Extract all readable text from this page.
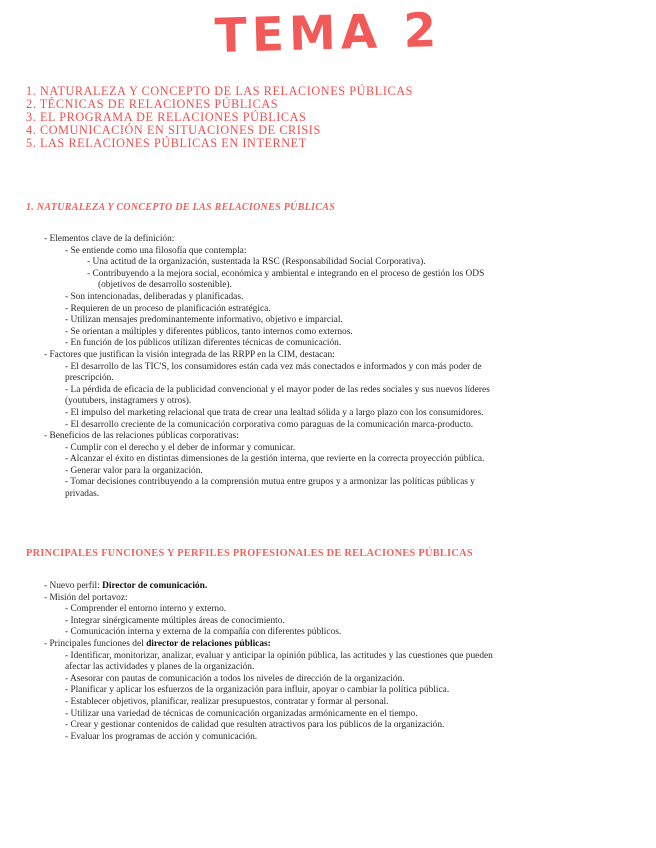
TEMA 2
1. NATURALEZA Y CONCEPTO DE LAS RELACIONES PÚBLICAS
2. TÉCNICAS DE RELACIONES PÚBLICAS
3. EL PROGRAMA DE RELACIONES PÚBLICAS
4. COMUNICACIÓN EN SITUACIONES DE CRISIS
5. LAS RELACIONES PÚBLICAS EN INTERNET
1. NATURALEZA Y CONCEPTO DE LAS RELACIONES PÚBLICAS
- Elementos clave de la definición:
- Se entiende como una filosofía que contempla:
- Una actitud de la organización, sustentada la RSC (Responsabilidad Social Corporativa).
- Contribuyendo a la mejora social, económica y ambiental e integrando en el proceso de gestión los ODS
(objetivos de desarrollo sostenible).
- Son intencionadas, deliberadas y planificadas.
- Requieren de un proceso de planificación estratégica.
- Utilizan mensajes predominantemente informativo, objetivo e imparcial.
- Se orientan a múltiples y diferentes públicos, tanto internos como externos.
- En función de los públicos utilizan diferentes técnicas de comunicación.
- Factores que justifican la visión integrada de las RRPP en la CIM, destacan:
- El desarrollo de las TIC'S, los consumidores están cada vez más conectados e informados y con más poder de
prescripción.
- La pérdida de eficacia de la publicidad convencional y el mayor poder de las redes sociales y sus nuevos líderes
(youtubers, instagramers y otros).
- El impulso del marketing relacional que trata de crear una lealtad sólida y a largo plazo con los consumidores.
- El desarrollo creciente de la comunicación corporativa como paraguas de la comunicación marca-producto.
- Beneficios de las relaciones públicas corporativas:
- Cumplir con el derecho y el deber de informar y comunicar.
- Alcanzar el éxito en distintas dimensiones de la gestión interna, que revierte en la correcta proyección pública.
- Generar valor para la organización.
- Tomar decisiones contribuyendo a la comprensión mutua entre grupos y a armonizar las políticas públicas y
privadas.
PRINCIPALES FUNCIONES Y PERFILES PROFESIONALES DE RELACIONES PÚBLICAS
- Nuevo perfil: Director de comunicación.
- Misión del portavoz:
- Comprender el entorno interno y externo.
- Integrar sinérgicamente múltiples áreas de conocimiento.
- Comunicación interna y externa de la compañía con diferentes públicos.
- Principales funciones del director de relaciones públicas:
- Identificar, monitorizar, analizar, evaluar y anticipar la opinión pública, las actitudes y las cuestiones que pueden
afectar las actividades y planes de la organización.
- Asesorar con pautas de comunicación a todos los niveles de dirección de la organización.
- Planificar y aplicar los esfuerzos de la organización para influir, apoyar o cambiar la política pública.
- Establecer objetivos, planificar, realizar presupuestos, contratar y formar al personal.
- Utilizar una variedad de técnicas de comunicación organizadas armónicamente en el tiempo.
- Crear y gestionar contenidos de calidad que resulten atractivos para los públicos de la organización.
- Evaluar los programas de acción y comunicación.
